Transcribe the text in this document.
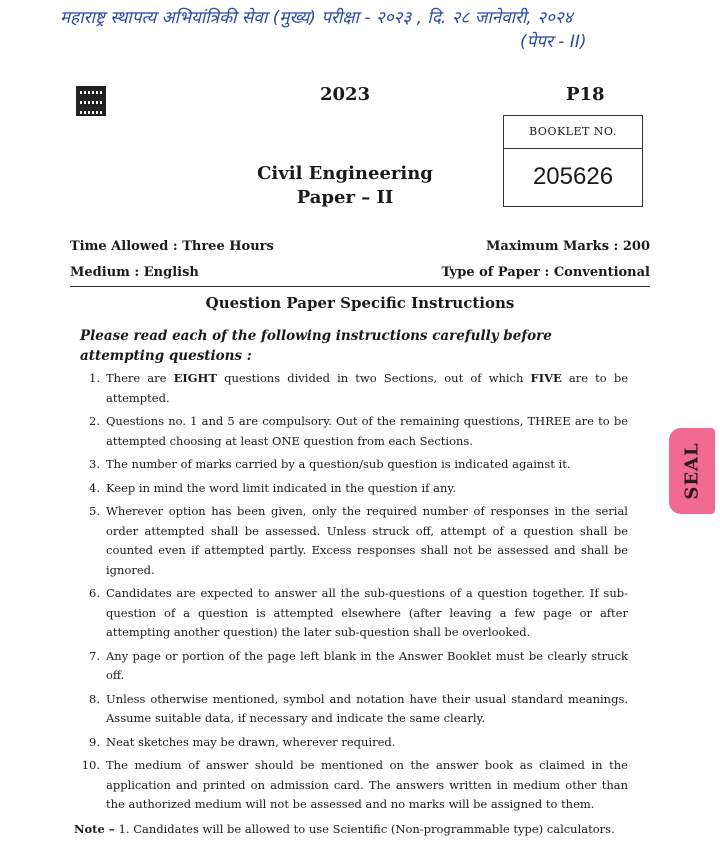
महाराष्ट्र स्थापत्य अभियांत्रिकी सेवा (मुख्य) परीक्षा - २०२३ , दि. २८ जानेवारी, २०२४
(पेपर - II)
2023	P18
BOOKLET NO.
205626
Civil Engineering
Paper – II
Time Allowed : Three Hours	Maximum Marks : 200
Medium : English	Type of Paper : Conventional
Question Paper Specific Instructions
Please read each of the following instructions carefully before attempting questions :
1. There are EIGHT questions divided in two Sections, out of which FIVE are to be attempted.
2. Questions no. 1 and 5 are compulsory. Out of the remaining questions, THREE are to be attempted choosing at least ONE question from each Sections.
3. The number of marks carried by a question/sub question is indicated against it.
4. Keep in mind the word limit indicated in the question if any.
5. Wherever option has been given, only the required number of responses in the serial order attempted shall be assessed. Unless struck off, attempt of a question shall be counted even if attempted partly. Excess responses shall not be assessed and shall be ignored.
6. Candidates are expected to answer all the sub-questions of a question together. If sub-question of a question is attempted elsewhere (after leaving a few page or after attempting another question) the later sub-question shall be overlooked.
7. Any page or portion of the page left blank in the Answer Booklet must be clearly struck off.
8. Unless otherwise mentioned, symbol and notation have their usual standard meanings. Assume suitable data, if necessary and indicate the same clearly.
9. Neat sketches may be drawn, wherever required.
10. The medium of answer should be mentioned on the answer book as claimed in the application and printed on admission card. The answers written in medium other than the authorized medium will not be assessed and no marks will be assigned to them.
Note – 1. Candidates will be allowed to use Scientific (Non-programmable type) calculators.
SEAL
